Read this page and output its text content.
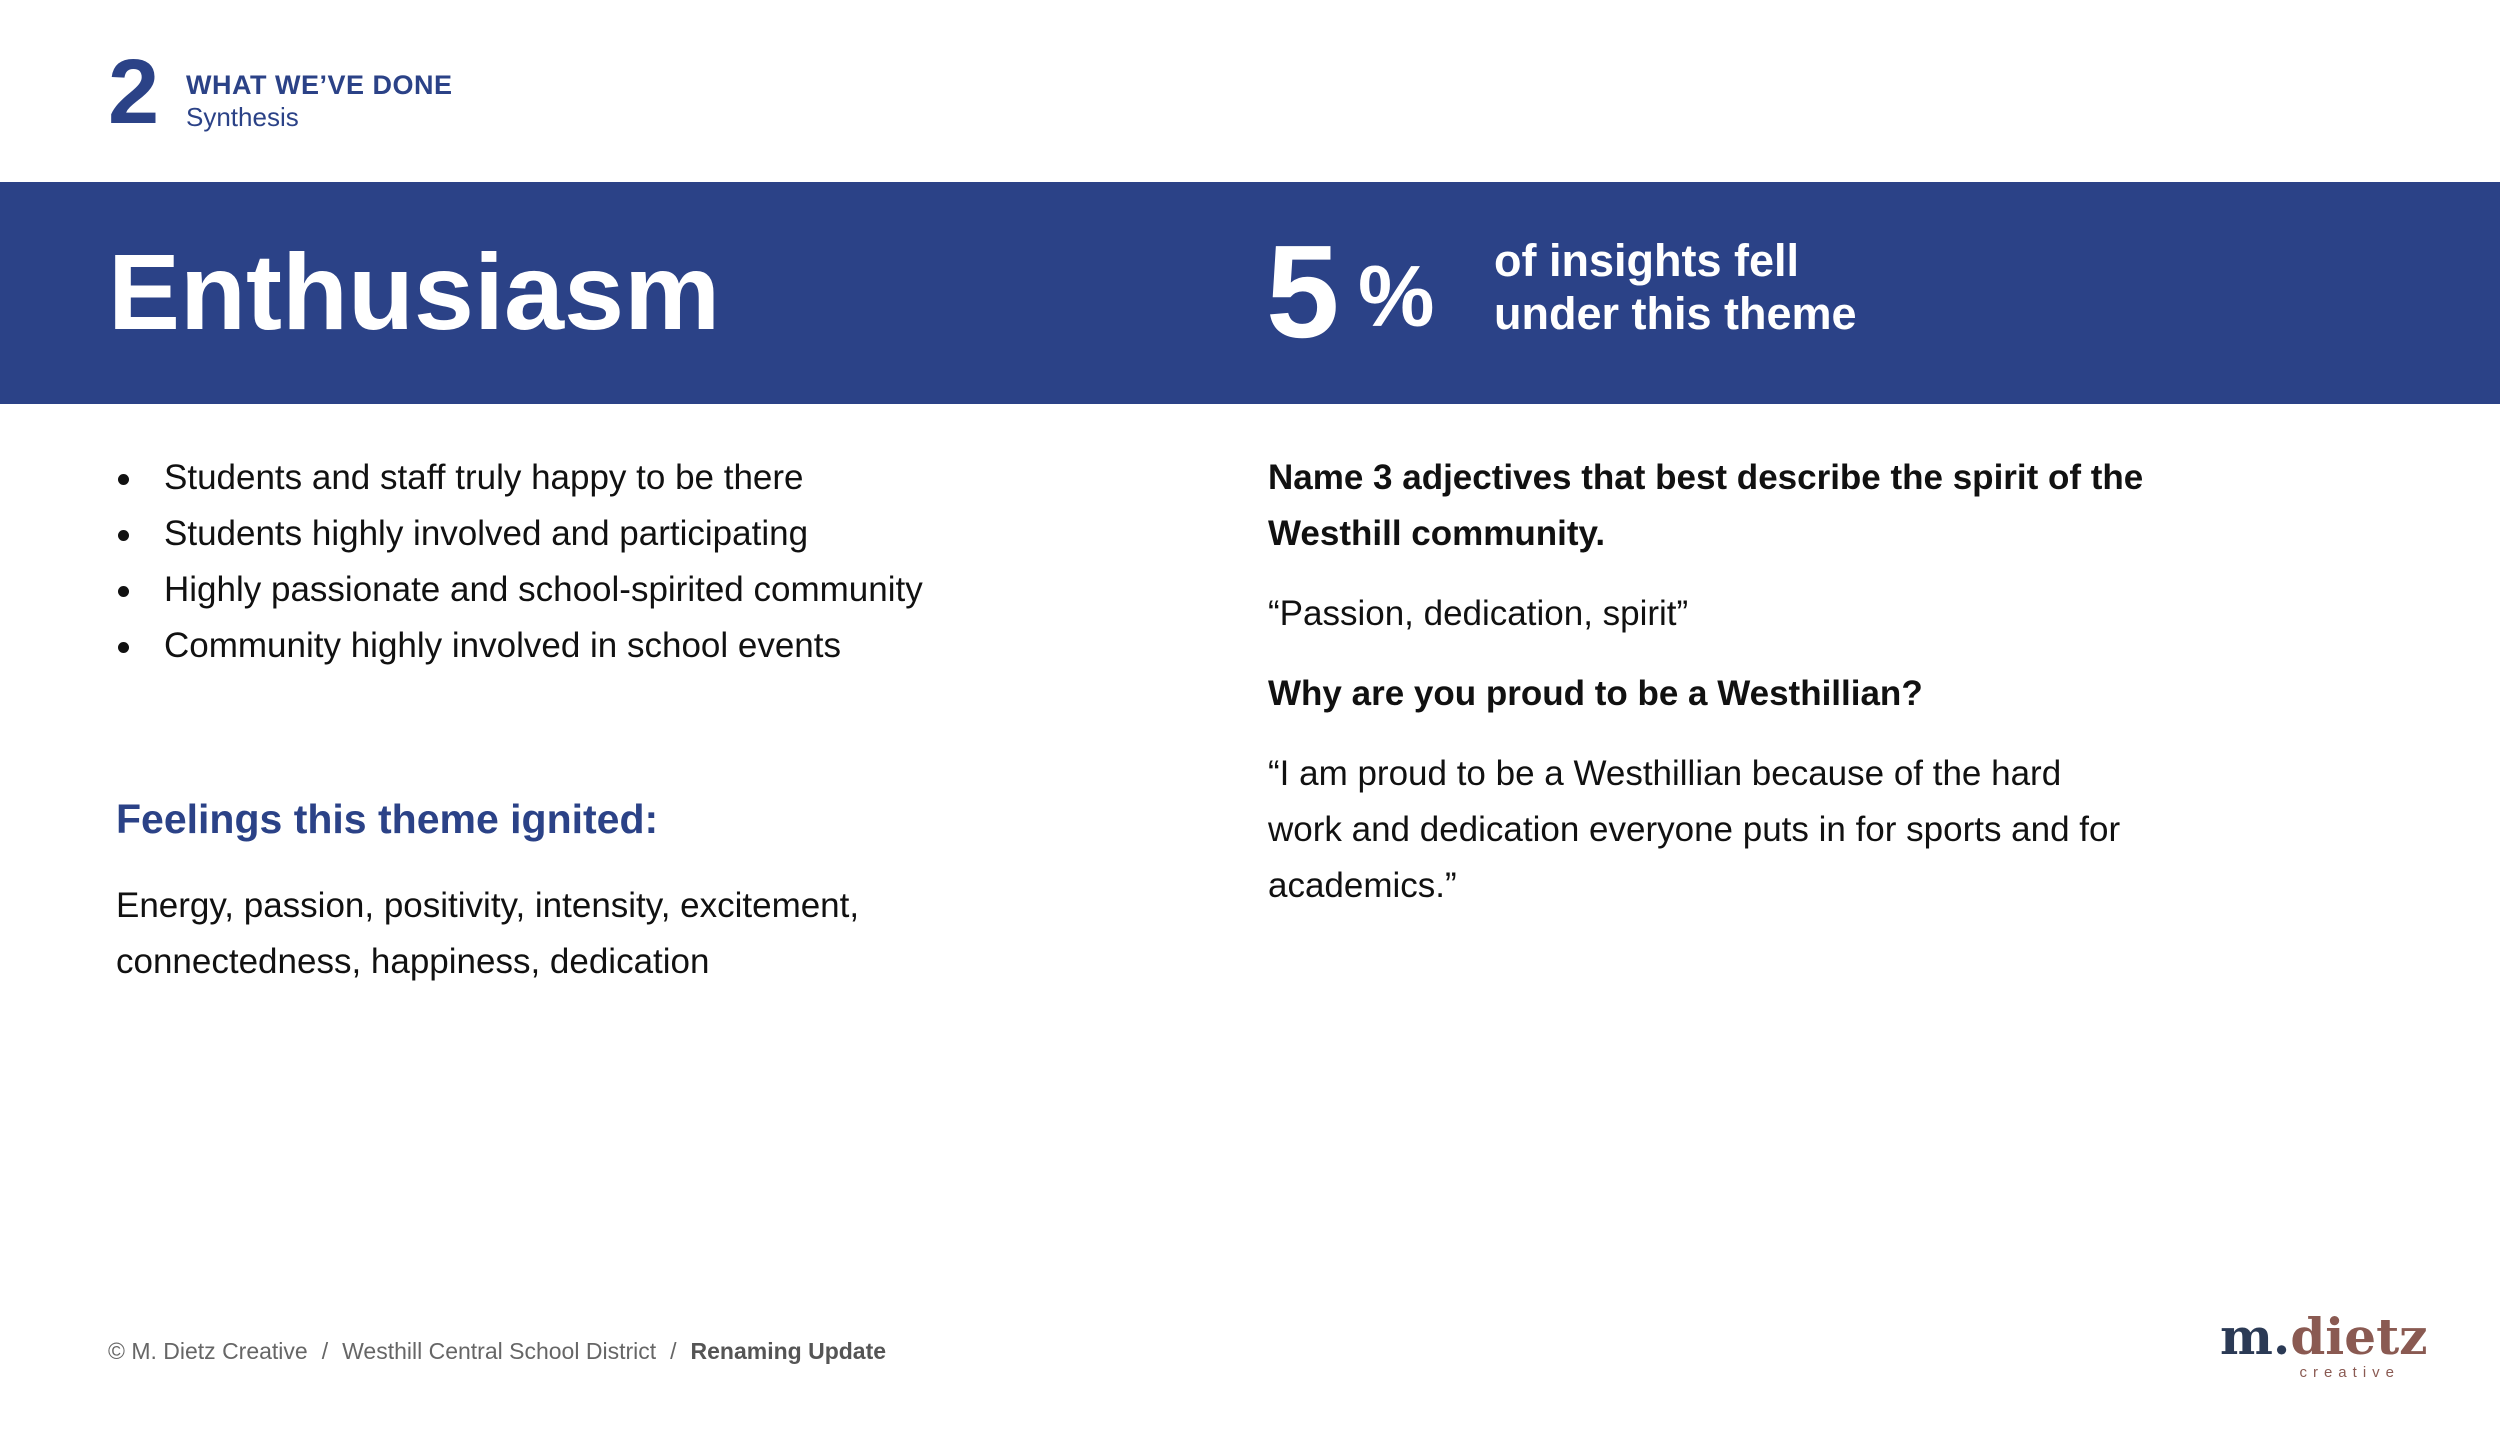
2 WHAT WE’VE DONE
Synthesis
Enthusiasm	5 % of insights fell
under this theme
Students and staff truly happy to be there
Students highly involved and participating
Highly passionate and school-spirited community
Community highly involved in school events
Feelings this theme ignited:
Energy, passion, positivity, intensity, excitement,
connectedness, happiness, dedication
Name 3 adjectives that best describe the spirit of the
Westhill community.
“Passion, dedication, spirit”
Why are you proud to be a Westhillian?
“I am proud to be a Westhillian because of the hard
work and dedication everyone puts in for sports and for
academics.”
© M. Dietz Creative / Westhill Central School District / Renaming Update	m.dietz
creative
